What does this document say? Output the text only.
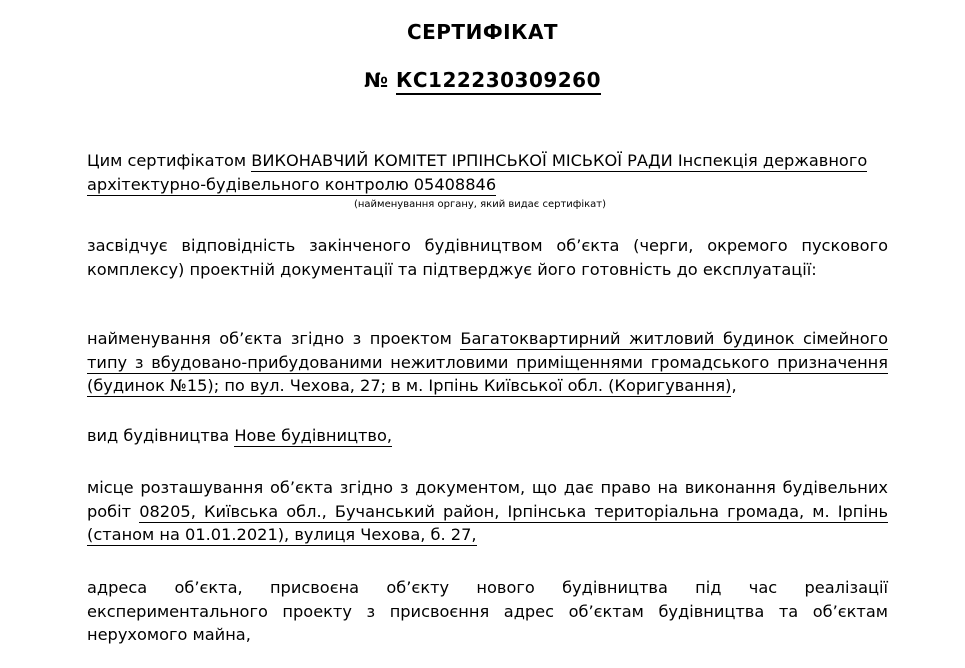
СЕРТИФІКАТ
№ КС122230309260
Цим сертифікатом ВИКОНАВЧИЙ КОМІТЕТ ІРПІНСЬКОЇ МІСЬКОЇ РАДИ Інспекція державного архітектурно-будівельного контролю 05408846
(найменування органу, який видає сертифікат)
засвідчує відповідність закінченого будівництвом об’єкта (черги, окремого пускового комплексу) проектній документації та підтверджує його готовність до експлуатації:
найменування об’єкта згідно з проектом Багатоквартирний житловий будинок сімейного типу з вбудовано-прибудованими нежитловими приміщеннями громадського призначення (будинок №15); по вул. Чехова, 27; в м. Ірпінь Київської обл. (Коригування),
вид будівництва Нове будівництво,
місце розташування об’єкта згідно з документом, що дає право на виконання будівельних робіт 08205, Київська обл., Бучанський район, Ірпінська територіальна громада, м. Ірпінь (станом на 01.01.2021), вулиця Чехова, б. 27,
адреса об’єкта, присвоєна об’єкту нового будівництва під час реалізації експериментального проекту з присвоєння адрес об’єктам будівництва та об’єктам нерухомого майна,
